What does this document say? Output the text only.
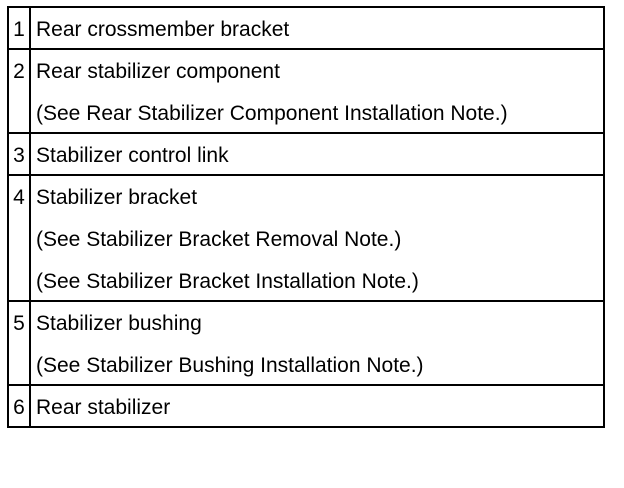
1	Rear crossmember bracket

2	Rear stabilizer component
(See Rear Stabilizer Component Installation Note.)

3	Stabilizer control link

4	Stabilizer bracket
(See Stabilizer Bracket Removal Note.)
(See Stabilizer Bracket Installation Note.)

5	Stabilizer bushing
(See Stabilizer Bushing Installation Note.)

6	Rear stabilizer
